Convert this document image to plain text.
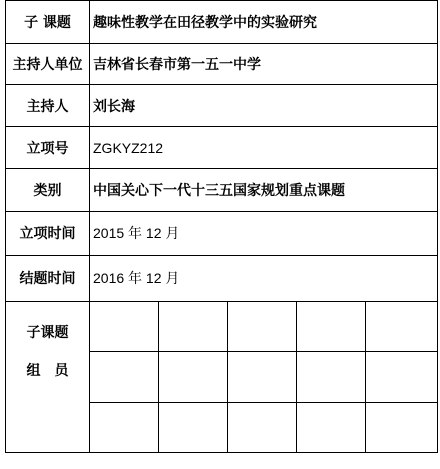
子 课题	趣味性教学在田径教学中的实验研究				
主持人单位	吉林省长春市第一五一中学				
主持人	刘长海				
立项号	ZGKYZ212				
类别	中国关心下一代十三五国家规划重点课题				
立项时间	2015 年 12 月				
结题时间	2016 年 12 月				

子课题
组员					
